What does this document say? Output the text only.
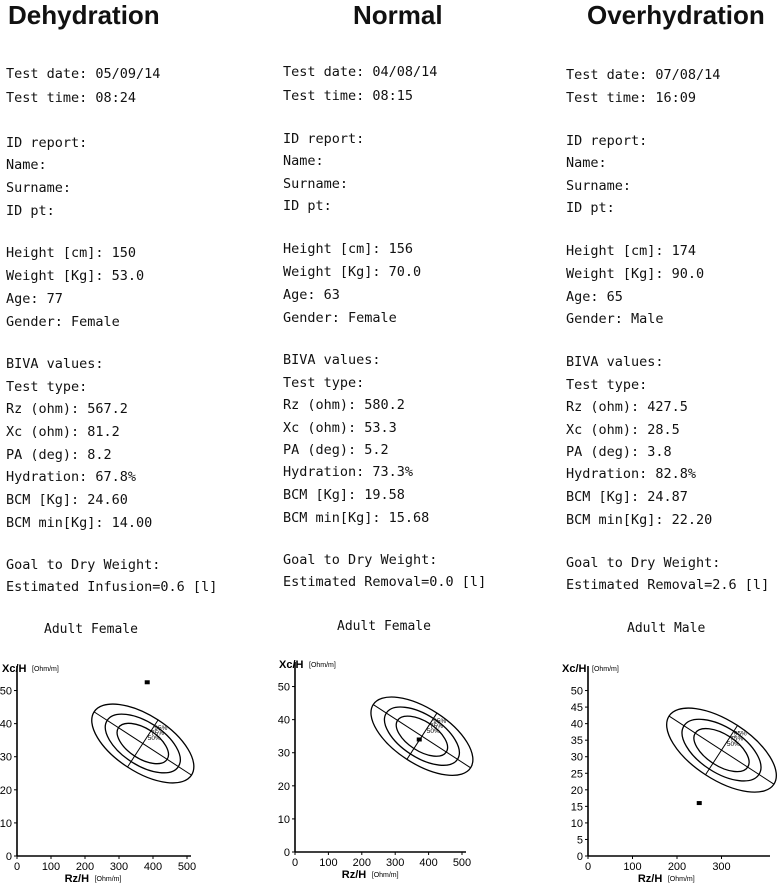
Dehydration
Adult Female
0
10
20
30
40
50
0 100 200 300 400 500
Xc/H [Ohm/m]
Rz/H [Ohm/m]
95%
75%
50%
Test date: 05/09/14
Test time: 08:24
ID report:
Name:
Surname:
ID pt:
Height [cm]: 150
Weight [Kg]: 53.0
Age: 77
Gender: Female
BIVA values:
Test type:
Rz (ohm): 567.2
Xc (ohm): 81.2
PA (deg): 8.2
Hydration: 67.8%
BCM [Kg]: 24.60
BCM min[Kg]: 14.00
Goal to Dry Weight:
Estimated Infusion=0.6 [l]
Normal
Adult Female
0
10
20
30
40
50
0 100 200 300 400 500
Xc/H [Ohm/m]
Rz/H [Ohm/m]
95%
75%
50%
Test date: 04/08/14
Test time: 08:15
ID report:
Name:
Surname:
ID pt:
Height [cm]: 156
Weight [Kg]: 70.0
Age: 63
Gender: Female
BIVA values:
Test type:
Rz (ohm): 580.2
Xc (ohm): 53.3
PA (deg): 5.2
Hydration: 73.3%
BCM [Kg]: 19.58
BCM min[Kg]: 15.68
Goal to Dry Weight:
Estimated Removal=0.0 [l]
Overhydration
Adult Male
0
5
10
15
20
25
30
35
40
45
50
0	100 200 300
Xc/H [Ohm/m]
Rz/H [Ohm/m]
95%
75%
50%
Test date: 07/08/14
Test time: 16:09
ID report:
Name:
Surname:
ID pt:
Height [cm]: 174
Weight [Kg]: 90.0
Age: 65
Gender: Male
BIVA values:
Test type:
Rz (ohm): 427.5
Xc (ohm): 28.5
PA (deg): 3.8
Hydration: 82.8%
BCM [Kg]: 24.87
BCM min[Kg]: 22.20
Goal to Dry Weight:
Estimated Removal=2.6 [l]
